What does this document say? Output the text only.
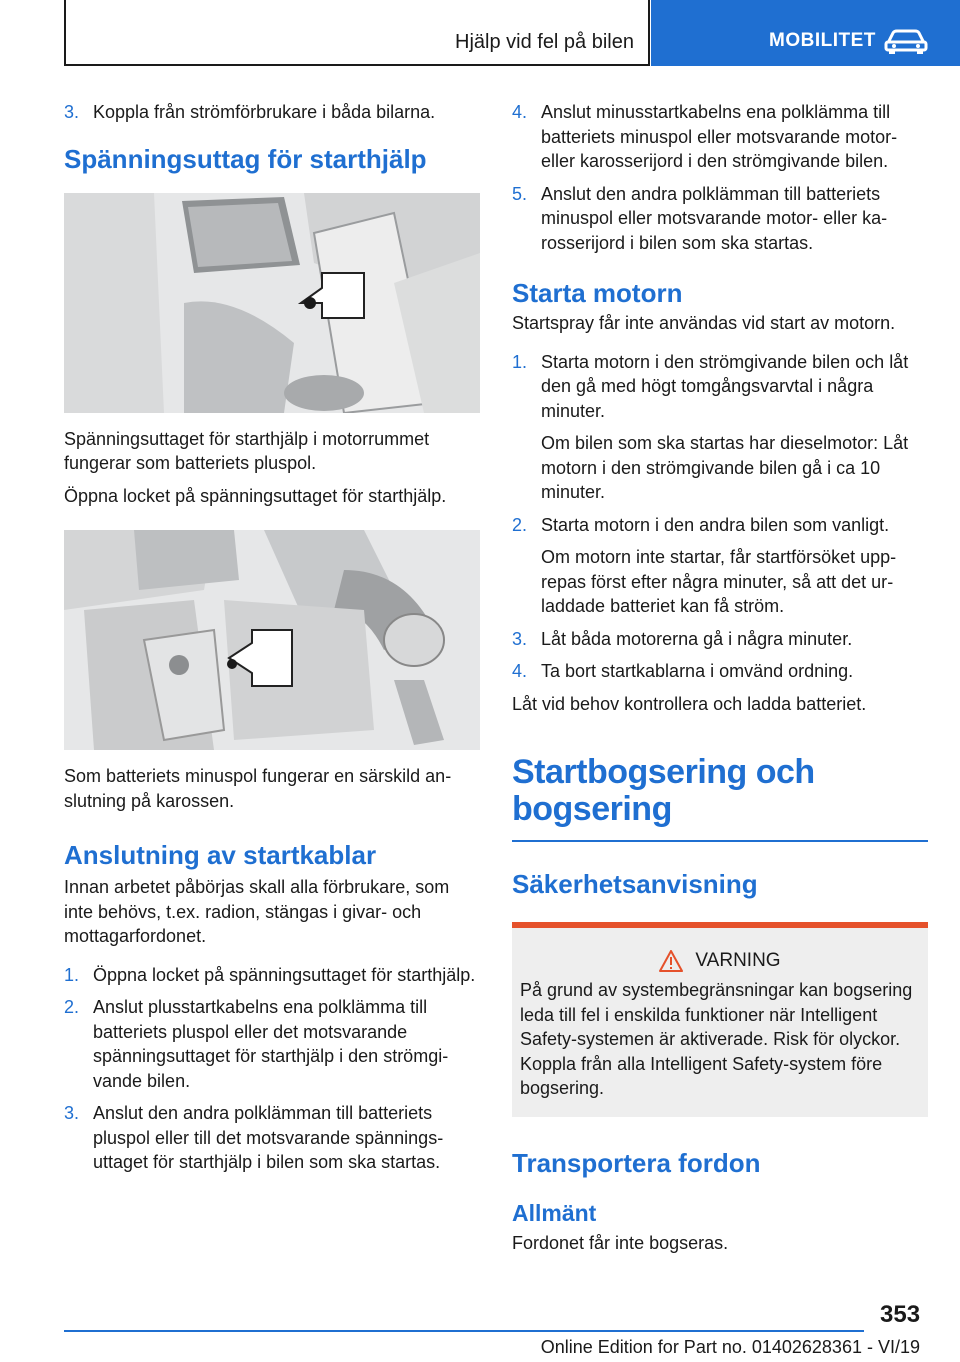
Hjälp vid fel på bilen	MOBILITET
3. Koppla från strömförbrukare i båda bilarna.
Spänningsuttag för starthjälp

Spänningsuttaget för starthjälp i motorrummet fungerar som batteriets pluspol.

Öppna locket på spänningsuttaget för starthjälp.

Som batteriets minuspol fungerar en särskild anslutning på karossen.

Anslutning av startkablar

Innan arbetet påbörjas skall alla förbrukare, som inte behövs, t.ex. radion, stängas i givar- och mottagarfordonet.

1. Öppna locket på spänningsuttaget för starthjälp.
2. Anslut plusstartkabelns ena polklämma till batteriets pluspol eller det motsvarande spänningsuttaget för starthjälp i den strömgivande bilen.
3. Anslut den andra polklämman till batteriets pluspol eller till det motsvarande spänningsuttaget för starthjälp i bilen som ska startas.
4. Anslut minusstartkabelns ena polklämma till batteriets minuspol eller motsvarande motor- eller karosserijord i den strömgivande bilen.
5. Anslut den andra polklämman till batteriets minuspol eller motsvarande motor- eller karosserijord i bilen som ska startas.
Starta motorn

Startspray får inte användas vid start av motorn.

1. Starta motorn i den strömgivande bilen och låt den gå med högt tomgångsvarvtal i några minuter.

Om bilen som ska startas har dieselmotor: Låt motorn i den strömgivande bilen gå i ca 10 minuter.

2. Starta motorn i den andra bilen som vanligt.

Om motorn inte startar, får startförsöket upprepas först efter några minuter, så att det urladdade batteriet kan få ström.

3. Låt båda motorerna gå i några minuter.
4. Ta bort startkablarna i omvänd ordning.

Låt vid behov kontrollera och ladda batteriet.

Startbogsering och bogsering
Säkerhetsanvisning
VARNING

På grund av systembegränsningar kan bogsering leda till fel i enskilda funktioner när Intelligent Safety-systemen är aktiverade. Risk för olyckor. Koppla från alla Intelligent Safety-system före bogsering.

Transportera fordon
Allmänt

Fordonet får inte bogseras.

353
Online Edition for Part no. 01402628361 - VI/19
